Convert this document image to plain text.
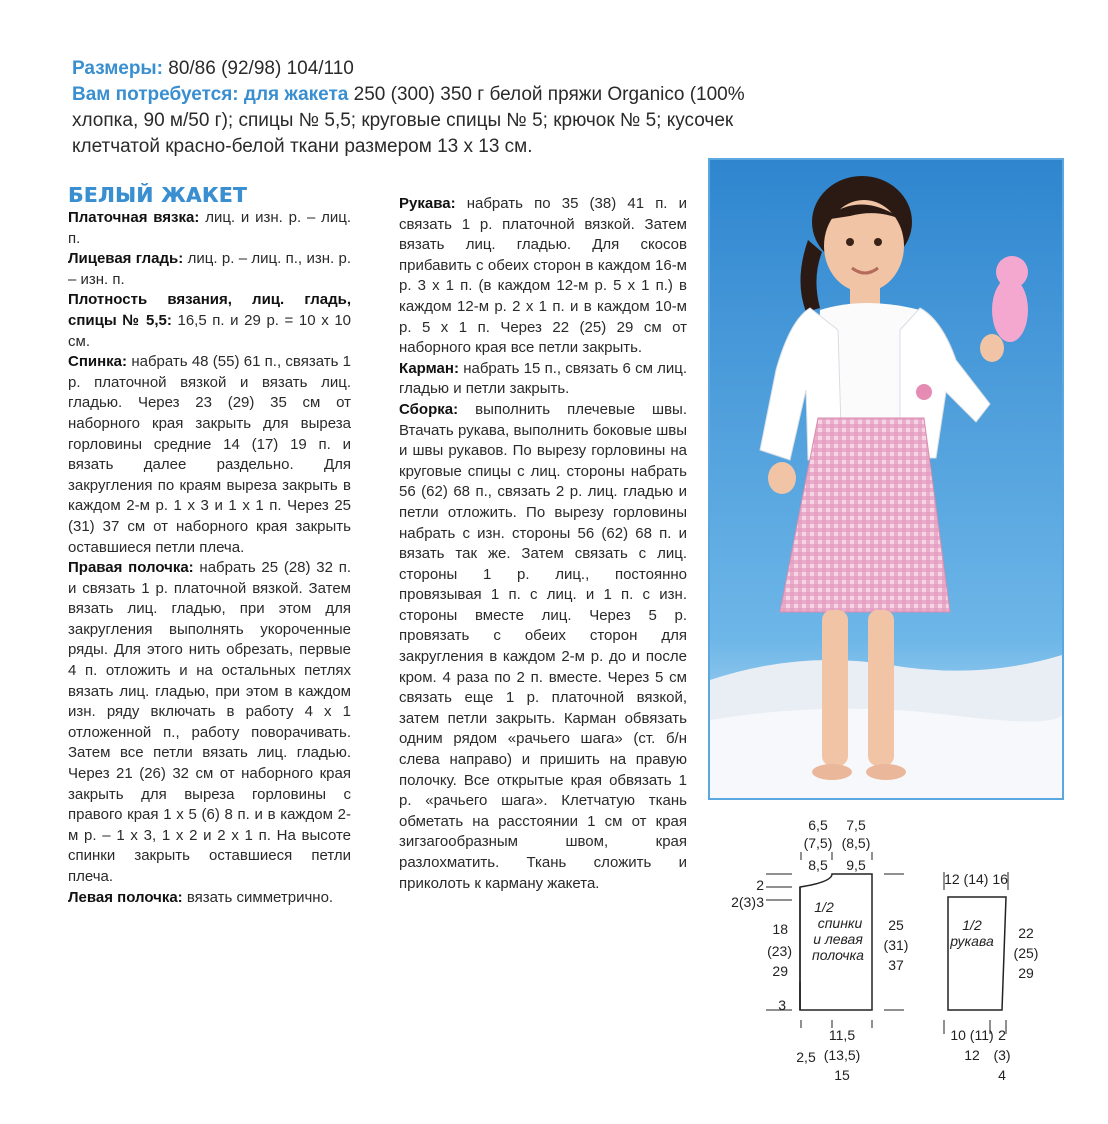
Размеры: 80/86 (92/98) 104/110
Вам потребуется: для жакета 250 (300) 350 г белой пряжи Organico (100% хлопка, 90 м/50 г); спицы № 5,5; круговые спицы № 5; крючок № 5; кусочек клетчатой красно-белой ткани размером 13 х 13 см.
БЕЛЫЙ ЖАКЕТ

Платочная вязка: лиц. и изн. р. – лиц. п.

Лицевая гладь: лиц. р. – лиц. п., изн. р. – изн. п.

Плотность вязания, лиц. гладь, спицы № 5,5: 16,5 п. и 29 р. = 10 х 10 см.

Спинка: набрать 48 (55) 61 п., связать 1 р. платочной вязкой и вязать лиц. гладью. Через 23 (29) 35 см от наборного края закрыть для выреза горловины средние 14 (17) 19 п. и вязать далее раздельно. Для закругления по краям выреза закрыть в каждом 2-м р. 1 х 3 и 1 х 1 п. Через 25 (31) 37 см от наборного края закрыть оставшиеся петли плеча.

Правая полочка: набрать 25 (28) 32 п. и связать 1 р. платочной вязкой. Затем вязать лиц. гладью, при этом для закругления выполнять укороченные ряды. Для этого нить обрезать, первые 4 п. отложить и на остальных петлях вязать лиц. гладью, при этом в каждом изн. ряду включать в работу 4 х 1 отложенной п., работу поворачивать. Затем все петли вязать лиц. гладью. Через 21 (26) 32 см от наборного края закрыть для выреза горловины с правого края 1 х 5 (6) 8 п. и в каждом 2-м р. – 1 х 3, 1 х 2 и 2 х 1 п. На высоте спинки закрыть оставшиеся петли плеча.

Левая полочка: вязать симметрично.

Рукава: набрать по 35 (38) 41 п. и связать 1 р. платочной вязкой. Затем вязать лиц. гладью. Для скосов прибавить с обеих сторон в каждом 16-м р. 3 х 1 п. (в каждом 12-м р. 5 х 1 п.) в каждом 12-м р. 2 х 1 п. и в каждом 10-м р. 5 х 1 п. Через 22 (25) 29 см от наборного края все петли закрыть.

Карман: набрать 15 п., связать 6 см лиц. гладью и петли закрыть.

Сборка: выполнить плечевые швы. Втачать рукава, выполнить боковые швы и швы рукавов. По вырезу горловины на круговые спицы с лиц. стороны набрать 56 (62) 68 п., связать 2 р. лиц. гладью и петли отложить. По вырезу горловины набрать с изн. стороны 56 (62) 68 п. и вязать так же. Затем связать с лиц. стороны 1 р. лиц., постоянно провязывая 1 п. с лиц. и 1 п. с изн. стороны вместе лиц. Через 5 р. провязать с обеих сторон для закругления в каждом 2-м р. до и после кром. 4 раза по 2 п. вместе. Через 5 см связать еще 1 р. платочной вязкой, затем петли закрыть. Карман обвязать одним рядом «рачьего шага» (ст. б/н слева направо) и пришить на правую полочку. Все открытые края обвязать 1 р. «рачьего шага». Клетчатую ткань обметать на расстоянии 1 см от края зигзагообразным швом, края разлохматить. Ткань сложить и приколоть к карману жакета.

1/2
спинки
и левая
полочка
6,5
(7,5)
8,5
7,5
(8,5)
9,5
2
2(3) 3
18
(23)
29
3
25
(31)
37
2,5
11,5
(13,5)
15
12 (14) 16
1/2
рукава 22
(25)
29
10 (11)
12
2
(3)
4
